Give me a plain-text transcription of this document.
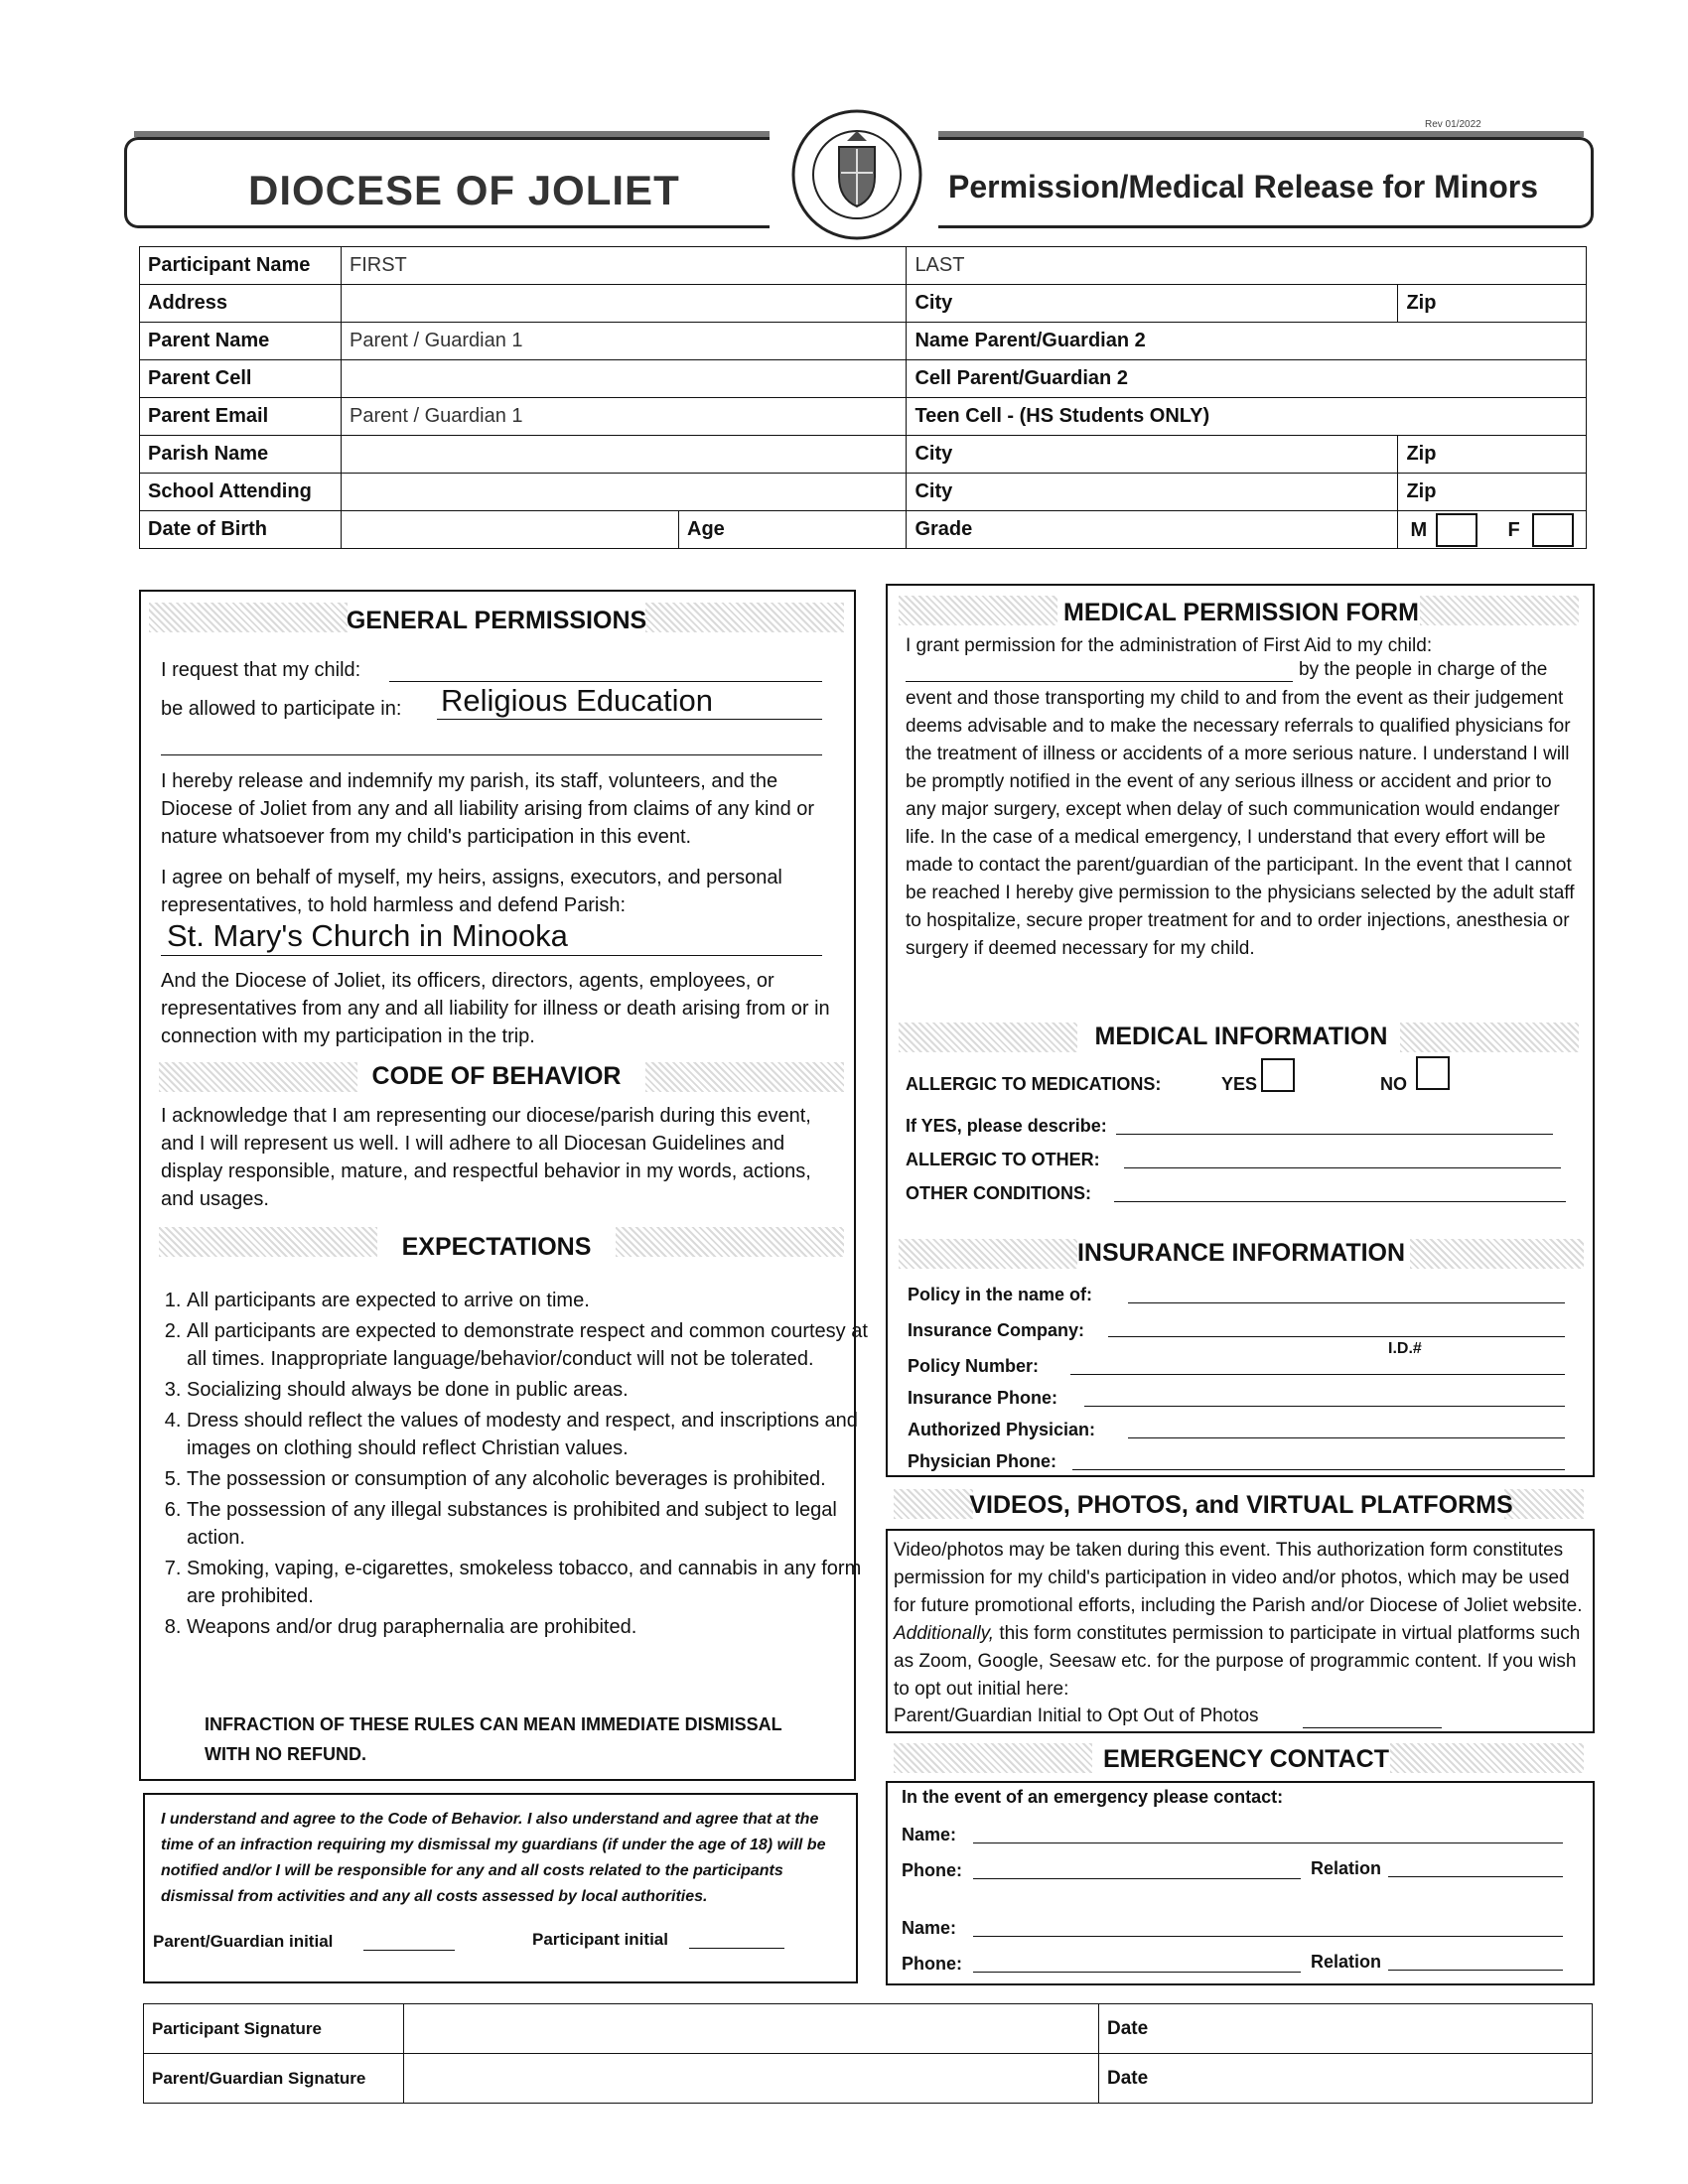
DIOCESE OF JOLIET	Permission/Medical Release for Minors
Rev 01/2022
Participant Name	FIRST		LAST	
Address			City	Zip
Parent Name	Parent / Guardian 1		Name Parent/Guardian 2	
Parent Cell			Cell Parent/Guardian 2	
Parent Email	Parent / Guardian 1		Teen Cell - (HS Students ONLY)	
Parish Name			City	Zip
School Attending			City	Zip
Date of Birth		Age	Grade	M F
GENERAL PERMISSIONS
I request that my child:
be allowed to participate in: Religious Education
I hereby release and indemnify my parish, its staff, volunteers, and the Diocese of Joliet from any and all liability arising from claims of any kind or nature whatsoever from my child's participation in this event.
I agree on behalf of myself, my heirs, assigns, executors, and personal representatives, to hold harmless and defend Parish:
St. Mary's Church in Minooka
And the Diocese of Joliet, its officers, directors, agents, employees, or representatives from any and all liability for illness or death arising from or in connection with my participation in the trip.
CODE OF BEHAVIOR
I acknowledge that I am representing our diocese/parish during this event, and I will represent us well. I will adhere to all Diocesan Guidelines and display responsible, mature, and respectful behavior in my words, actions, and usages.
EXPECTATIONS
1. All participants are expected to arrive on time.
2. All participants are expected to demonstrate respect and common courtesy at all times. Inappropriate language/behavior/conduct will not be tolerated.
3. Socializing should always be done in public areas.
4. Dress should reflect the values of modesty and respect, and inscriptions and images on clothing should reflect Christian values.
5. The possession or consumption of any alcoholic beverages is prohibited.
6. The possession of any illegal substances is prohibited and subject to legal action.
7. Smoking, vaping, e-cigarettes, smokeless tobacco, and cannabis in any form are prohibited.
8. Weapons and/or drug paraphernalia are prohibited.
INFRACTION OF THESE RULES CAN MEAN IMMEDIATE DISMISSAL WITH NO REFUND.
I understand and agree to the Code of Behavior. I also understand and agree that at the time of an infraction requiring my dismissal my guardians (if under the age of 18) will be notified and/or I will be responsible for any and all costs related to the participants dismissal from activities and any all costs assessed by local authorities.
Parent/Guardian initial	Participant initial
MEDICAL PERMISSION FORM
I grant permission for the administration of First Aid to my child:
by the people in charge of the
event and those transporting my child to and from the event as their judgement deems advisable and to make the necessary referrals to qualified physicians for the treatment of illness or accidents of a more serious nature. I understand I will be promptly notified in the event of any serious illness or accident and prior to any major surgery, except when delay of such communication would endanger life. In the case of a medical emergency, I understand that every effort will be made to contact the parent/guardian of the participant. In the event that I cannot be reached I hereby give permission to the physicians selected by the adult staff to hospitalize, secure proper treatment for and to order injections, anesthesia or surgery if deemed necessary for my child.
MEDICAL INFORMATION
ALLERGIC TO MEDICATIONS:	YES	NO
If YES, please describe:
ALLERGIC TO OTHER:
OTHER CONDITIONS:
INSURANCE INFORMATION
Policy in the name of:
Insurance Company:
I.D.#
Policy Number:
Insurance Phone:
Authorized Physician:
Physician Phone:
VIDEOS, PHOTOS, and VIRTUAL PLATFORMS
Video/photos may be taken during this event. This authorization form constitutes permission for my child's participation in video and/or photos, which may be used for future promotional efforts, including the Parish and/or Diocese of Joliet website. Additionally, this form constitutes permission to participate in virtual platforms such as Zoom, Google, Seesaw etc. for the purpose of programmic content. If you wish to opt out initial here:
Parent/Guardian Initial to Opt Out of Photos
EMERGENCY CONTACT
In the event of an emergency please contact:
Name:
Phone:	Relation
Name:
Phone:	Relation
Participant Signature		Date
Parent/Guardian Signature		Date
